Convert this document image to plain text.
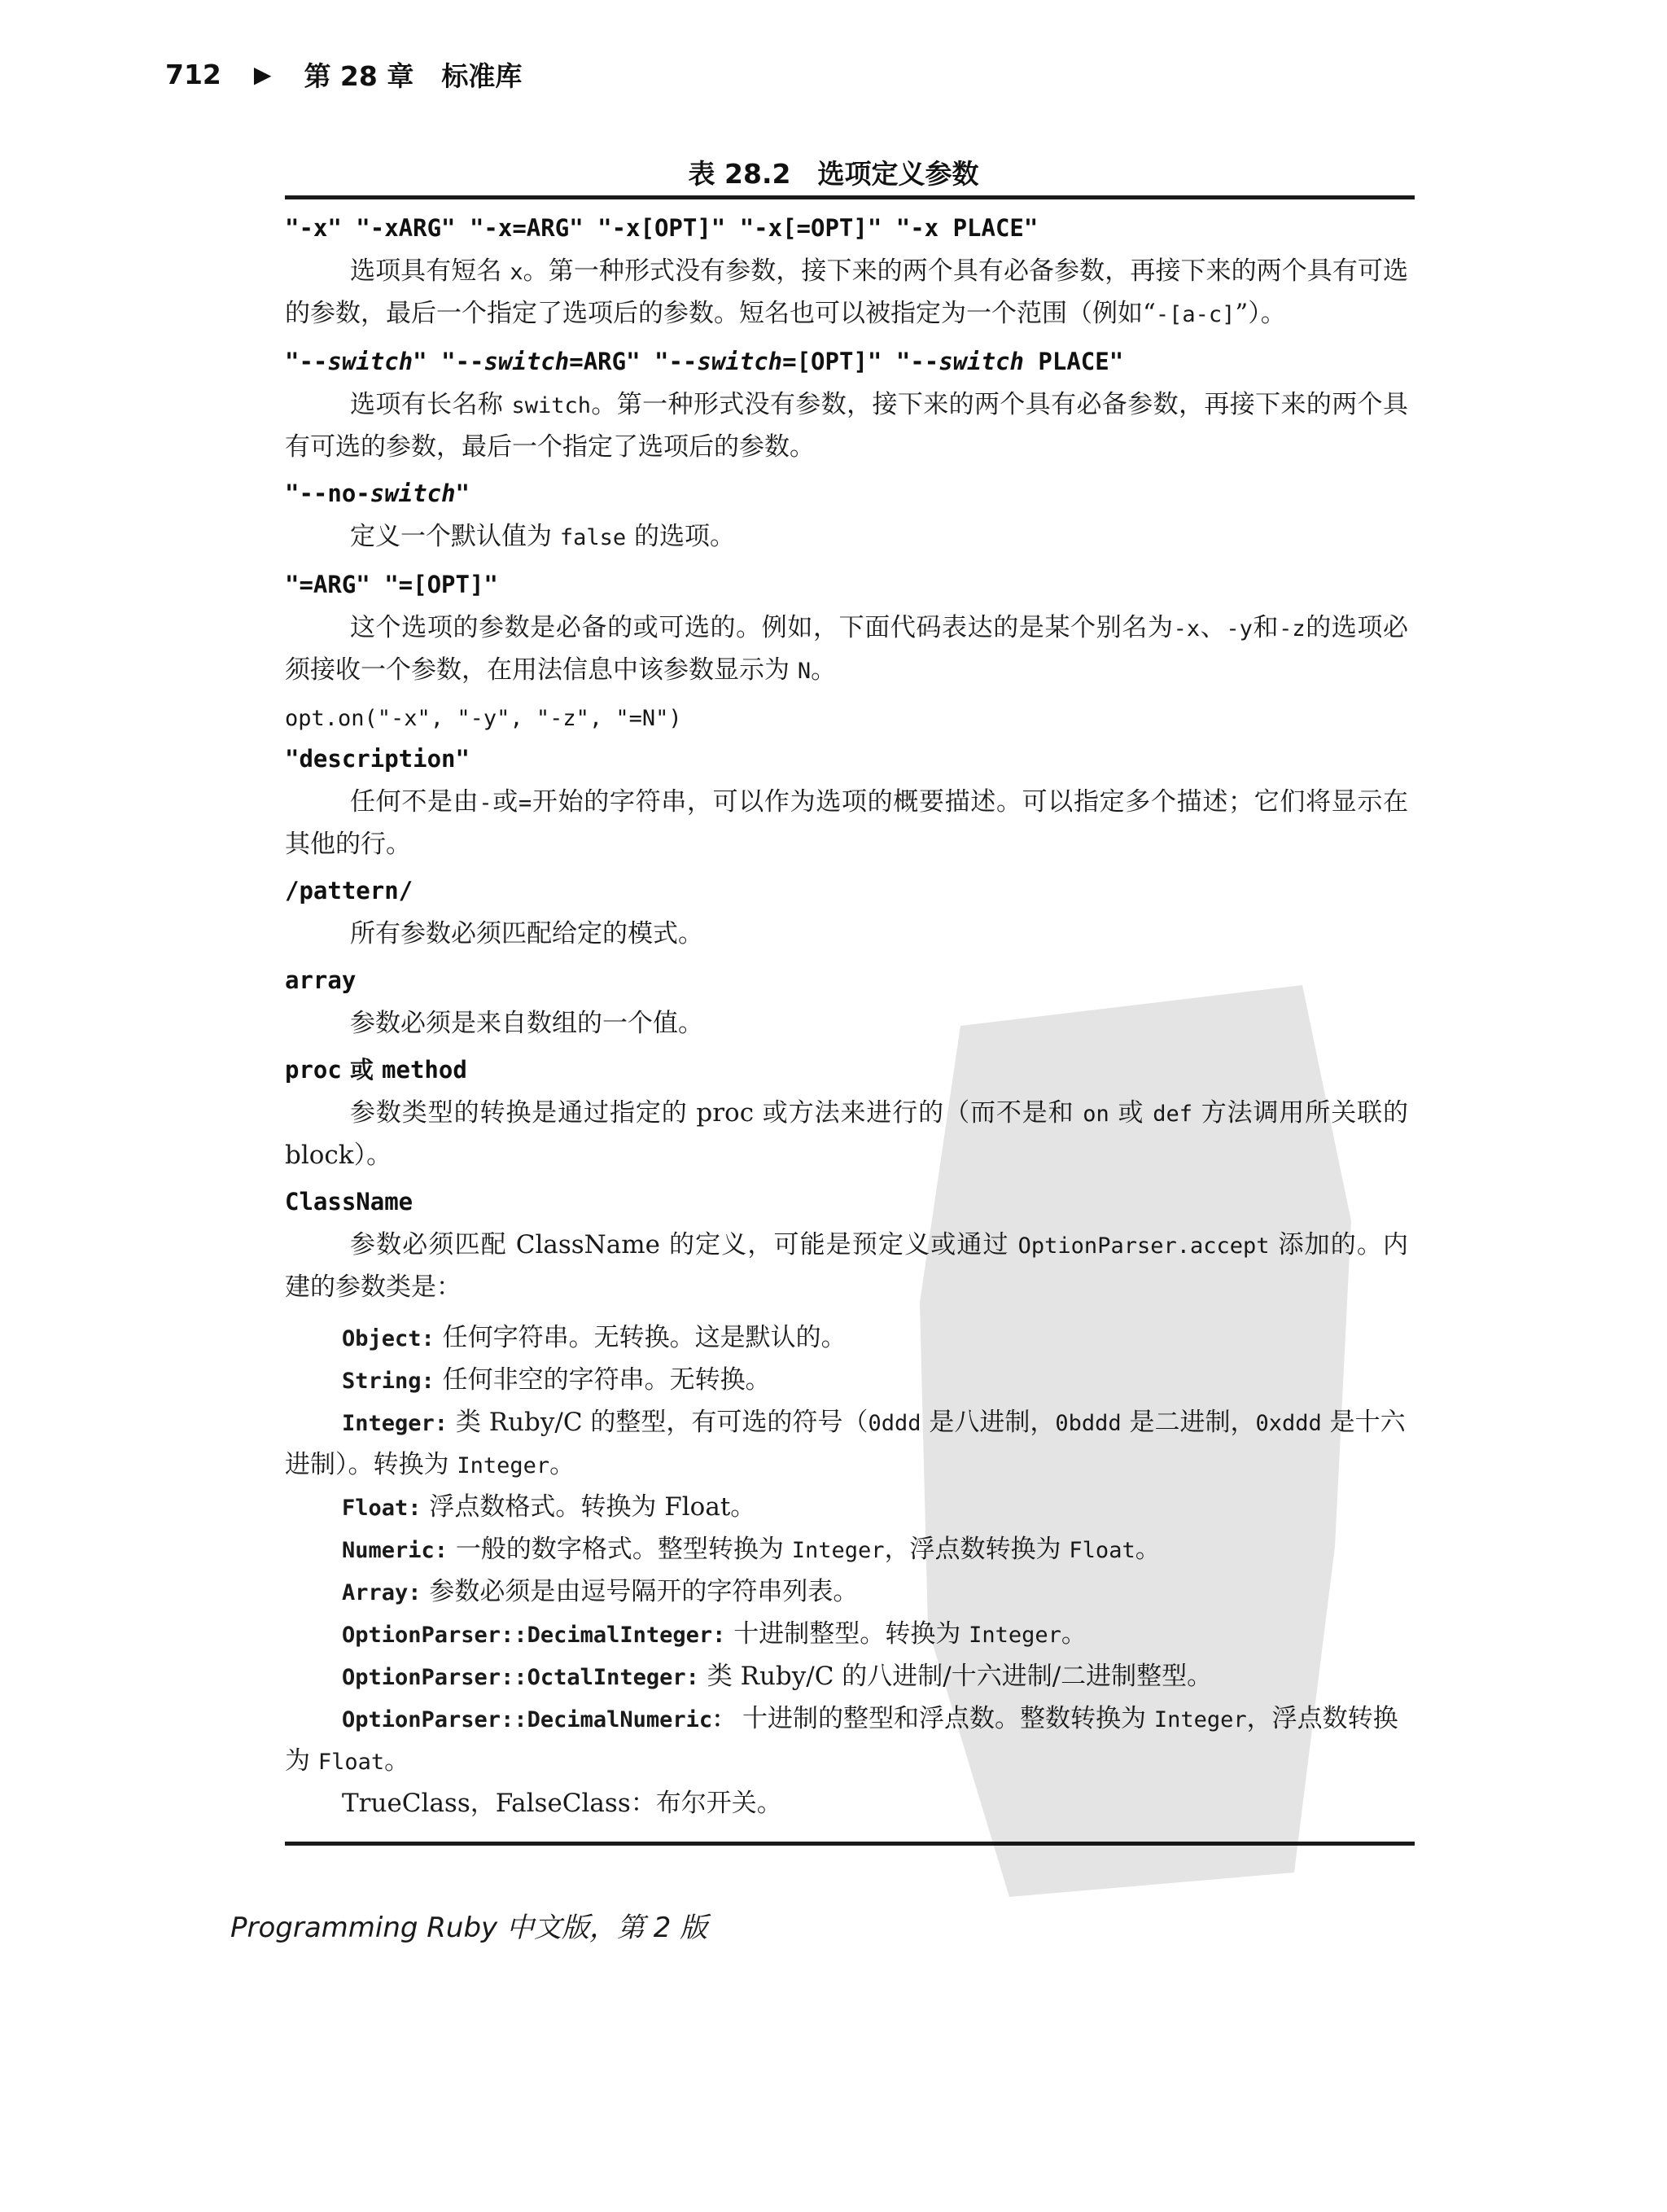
712 ▶ 第 28 章 标准库
表 28.2　选项定义参数

"-x" "-xARG" "-x=ARG" "-x[OPT]" "-x[=OPT]" "-x PLACE"

选项具有短名 x。第一种形式没有参数，接下来的两个具有必备参数，再接下来的两个具有可选的参数，最后一个指定了选项后的参数。短名也可以被指定为一个范围（例如“-[a-c]”）。

"--switch" "--switch=ARG" "--switch=[OPT]" "--switch PLACE"

选项有长名称 switch。第一种形式没有参数，接下来的两个具有必备参数，再接下来的两个具有可选的参数，最后一个指定了选项后的参数。

"--no-switch"

定义一个默认值为 false 的选项。

"=ARG" "=[OPT]"

这个选项的参数是必备的或可选的。例如，下面代码表达的是某个别名为-x、-y和-z的选项必须接收一个参数，在用法信息中该参数显示为 N。

opt.on("-x", "-y", "-z", "=N")

"description"

任何不是由-或=开始的字符串，可以作为选项的概要描述。可以指定多个描述；它们将显示在其他的行。

/pattern/

所有参数必须匹配给定的模式。

array

参数必须是来自数组的一个值。

proc 或 method

参数类型的转换是通过指定的 proc 或方法来进行的（而不是和 on 或 def 方法调用所关联的 block）。

ClassName

参数必须匹配 ClassName 的定义，可能是预定义或通过 OptionParser.accept 添加的。内建的参数类是：

Object: 任何字符串。无转换。这是默认的。

String: 任何非空的字符串。无转换。

Integer: 类 Ruby/C 的整型，有可选的符号（0ddd 是八进制，0bddd 是二进制，0xddd 是十六进制）。转换为 Integer。

Float: 浮点数格式。转换为 Float。

Numeric: 一般的数字格式。整型转换为 Integer，浮点数转换为 Float。

Array: 参数必须是由逗号隔开的字符串列表。

OptionParser::DecimalInteger: 十进制整型。转换为 Integer。

OptionParser::OctalInteger: 类 Ruby/C 的八进制/十六进制/二进制整型。

OptionParser::DecimalNumeric： 十进制的整型和浮点数。整数转换为 Integer，浮点数转换为 Float。

TrueClass，FalseClass：布尔开关。

Programming Ruby 中文版，第 2 版
